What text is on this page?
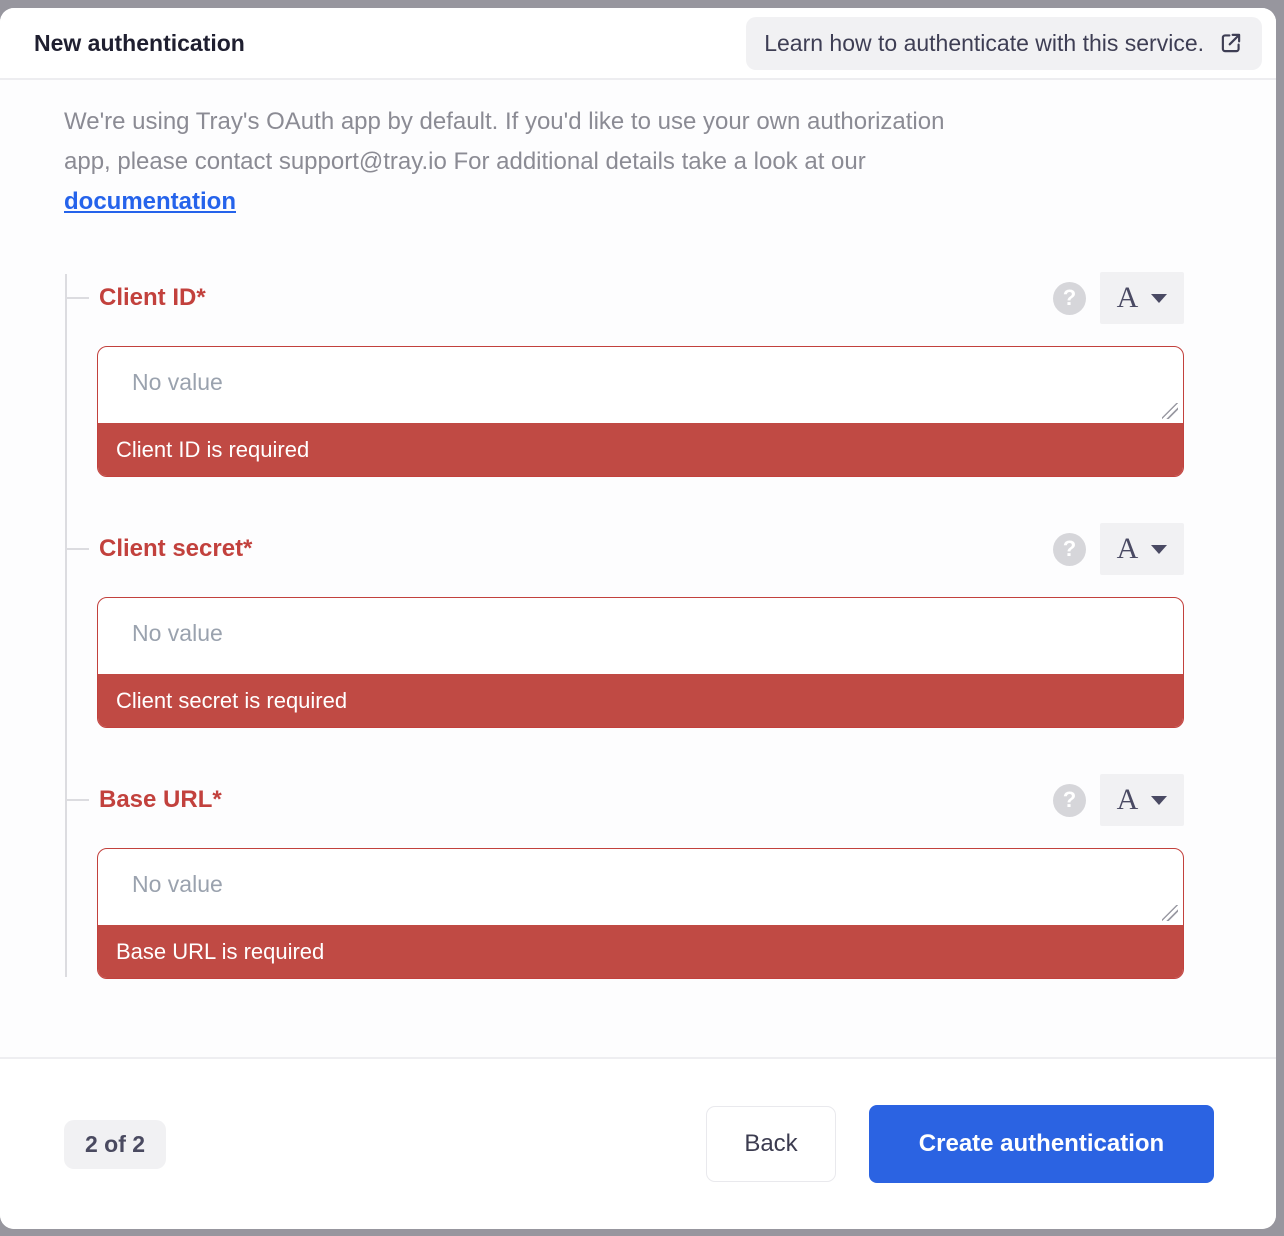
New authentication	Learn how to authenticate with this service.

We're using Tray's OAuth app by default. If you'd like to use your own authorization
app, please contact support@tray.io For additional details take a look at our
documentation

Client ID*	?	A
No value
Client ID is required
Client secret*	?	A
No value
Client secret is required
Base URL*	?	A
No value
Base URL is required
2 of 2	Back	Create authentication
